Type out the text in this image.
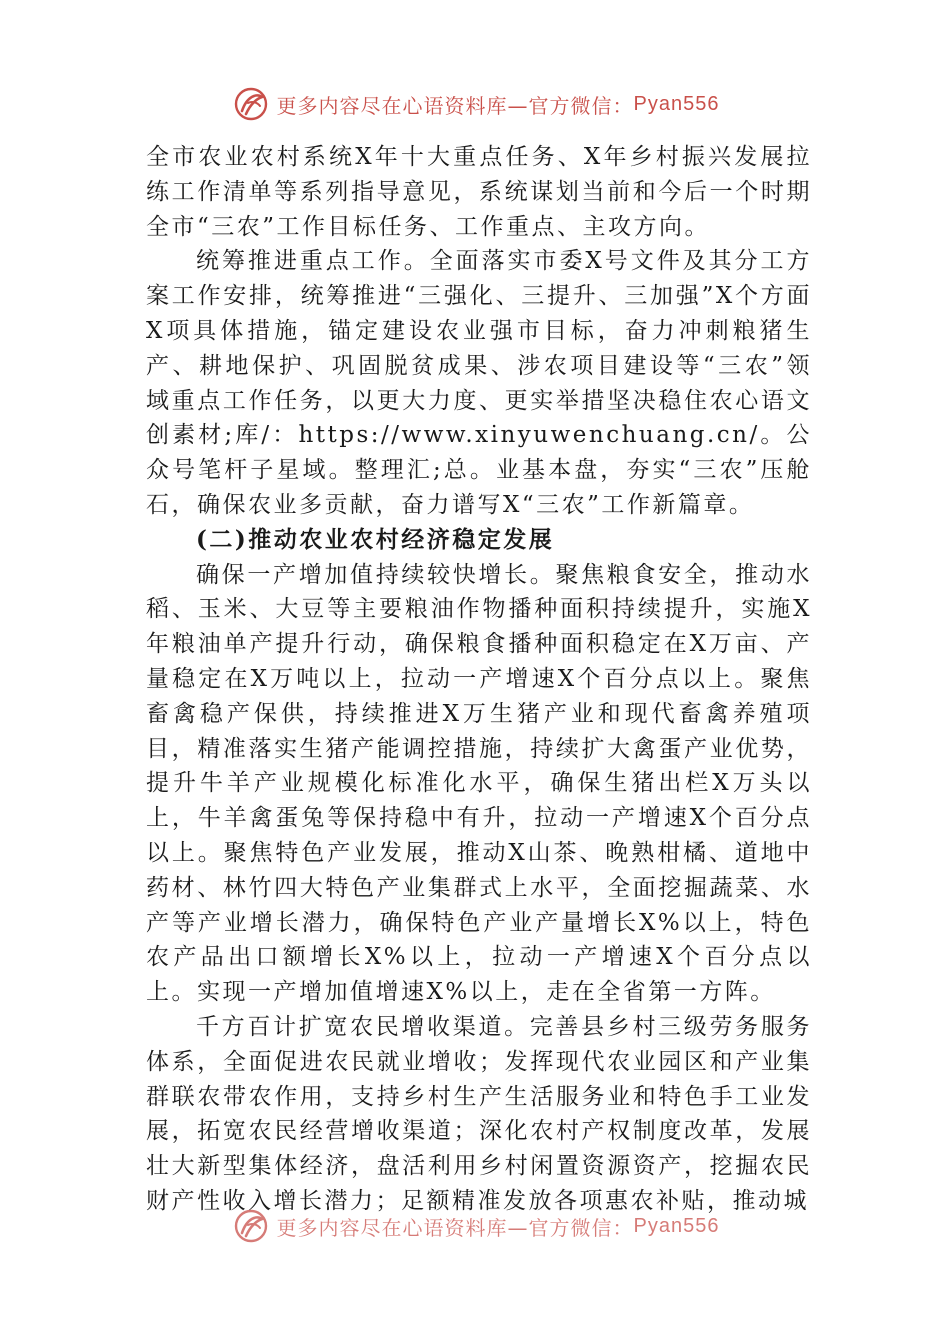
更多内容尽在心语资料库—官方微信： Pyan556

全市农业农村系统X年十大重点任务、X年乡村振兴发展拉练工作清单等系列指导意见，系统谋划当前和今后一个时期全市“三农”工作目标任务、工作重点、主攻方向。

统筹推进重点工作。全面落实市委X号文件及其分工方案工作安排，统筹推进“三强化、三提升、三加强”X个方面X项具体措施，锚定建设农业强市目标，奋力冲刺粮猪生产、耕地保护、巩固脱贫成果、涉农项目建设等“三农”领域重点工作任务，以更大力度、更实举措坚决稳住农心语文创素材;库/：https://www.xinyuwenchuang.cn/。公众号笔杆子星域。整理汇;总。业基本盘，夯实“三农”压舱石，确保农业多贡献，奋力谱写X“三农”工作新篇章。

(二)推动农业农村经济稳定发展

确保一产增加值持续较快增长。聚焦粮食安全，推动水稻、玉米、大豆等主要粮油作物播种面积持续提升，实施X年粮油单产提升行动，确保粮食播种面积稳定在X万亩、产量稳定在X万吨以上，拉动一产增速X个百分点以上。聚焦畜禽稳产保供，持续推进X万生猪产业和现代畜禽养殖项目，精准落实生猪产能调控措施，持续扩大禽蛋产业优势，提升牛羊产业规模化标准化水平，确保生猪出栏X万头以上，牛羊禽蛋兔等保持稳中有升，拉动一产增速X个百分点以上。聚焦特色产业发展，推动X山茶、晚熟柑橘、道地中药材、林竹四大特色产业集群式上水平，全面挖掘蔬菜、水产等产业增长潜力，确保特色产业产量增长X%以上，特色农产品出口额增长X%以上，拉动一产增速X个百分点以上。实现一产增加值增速X%以上，走在全省第一方阵。

千方百计扩宽农民增收渠道。完善县乡村三级劳务服务体系，全面促进农民就业增收；发挥现代农业园区和产业集群联农带农作用，支持乡村生产生活服务业和特色手工业发展，拓宽农民经营增收渠道；深化农村产权制度改革，发展壮大新型集体经济，盘活利用乡村闲置资源资产，挖掘农民财产性收入增长潜力；足额精准发放各项惠农补贴，推动城

更多内容尽在心语资料库—官方微信： Pyan556
